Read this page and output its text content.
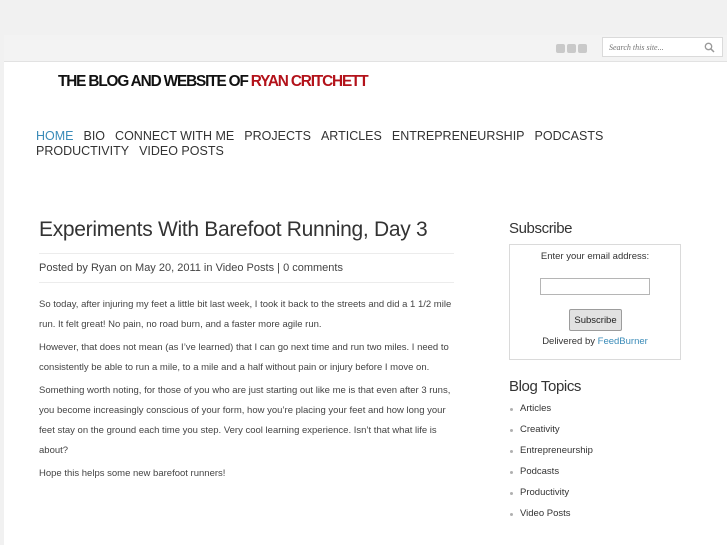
Search this site...
THE BLOG AND WEBSITE OF RYAN CRITCHETT
HOME BIO CONNECT WITH ME PROJECTS ARTICLES ENTREPRENEURSHIP PODCASTSPRODUCTIVITY VIDEO POSTS
Experiments With Barefoot Running, Day 3
Posted by Ryan on May 20, 2011 in Video Posts | 0 comments

So today, after injuring my feet a little bit last week, I took it back to the streets and did a 1 1/2 mile run. It felt great! No pain, no road burn, and a faster more agile run.

However, that does not mean (as I’ve learned) that I can go next time and run two miles. I need to consistently be able to run a mile, to a mile and a half without pain or injury before I move on.

Something worth noting, for those of you who are just starting out like me is that even after 3 runs, you become increasingly conscious of your form, how you’re placing your feet and how long your feet stay on the ground each time you step. Very cool learning experience. Isn’t that what life is about?

Hope this helps some new barefoot runners!

Subscribe
Enter your email address:
Subscribe
Delivered by FeedBurner
Blog Topics
Articles
Creativity
Entrepreneurship
Podcasts
Productivity
Video Posts
